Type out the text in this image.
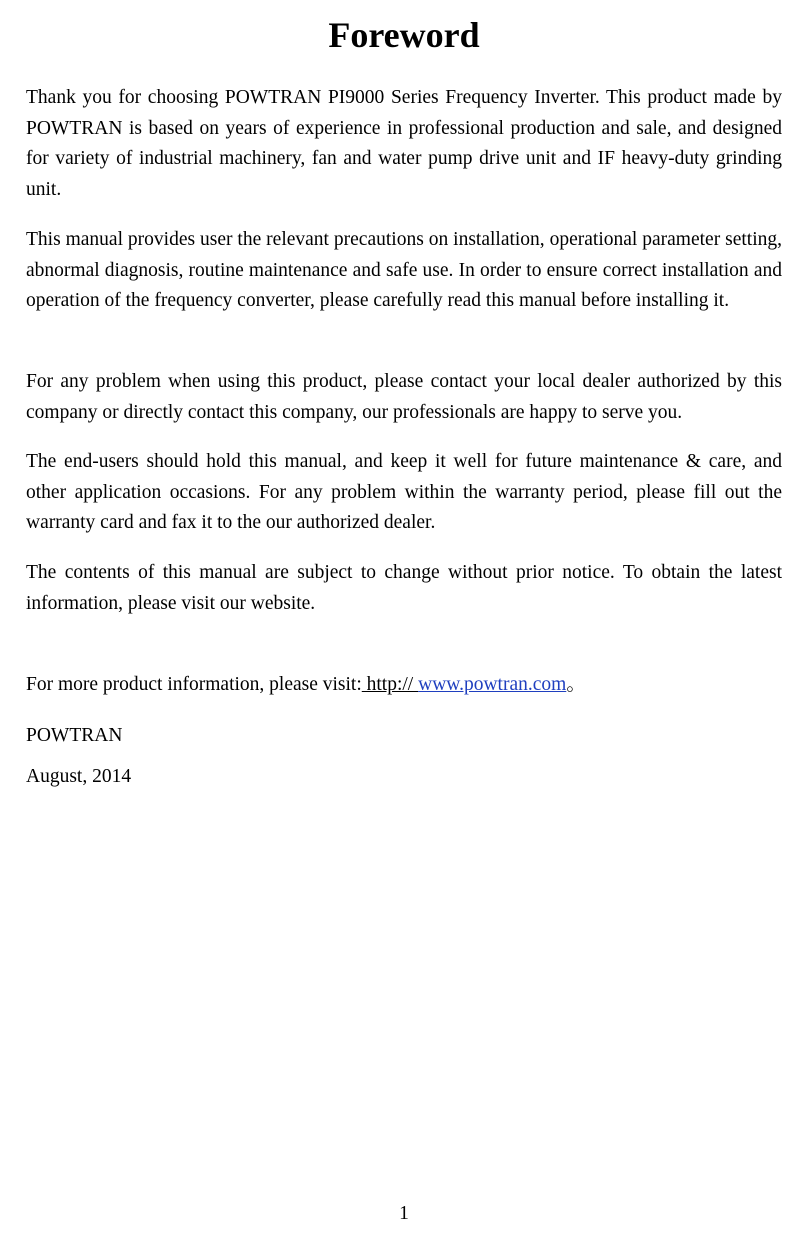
Foreword

Thank you for choosing POWTRAN PI9000 Series Frequency Inverter. This product made by POWTRAN is based on years of experience in professional production and sale, and designed for variety of industrial machinery, fan and water pump drive unit and IF heavy-duty grinding unit.

This manual provides user the relevant precautions on installation, operational parameter setting, abnormal diagnosis, routine maintenance and safe use. In order to ensure correct installation and operation of the frequency converter, please carefully read this manual before installing it.

For any problem when using this product, please contact your local dealer authorized by this company or directly contact this company, our professionals are happy to serve you.

The end-users should hold this manual, and keep it well for future maintenance & care, and other application occasions. For any problem within the warranty period, please fill out the warranty card and fax it to the our authorized dealer.

The contents of this manual are subject to change without prior notice. To obtain the latest information, please visit our website.

For more product information, please visit: http:// www.powtran.com。

POWTRAN

August, 2014

1
